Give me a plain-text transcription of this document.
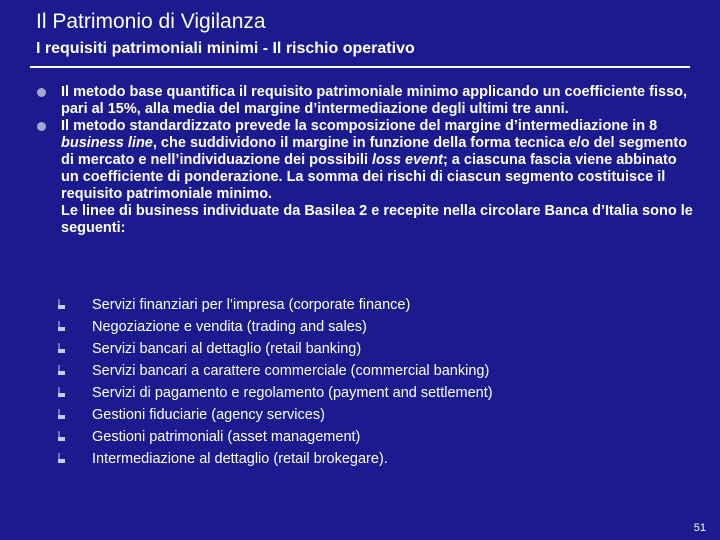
Il Patrimonio di Vigilanza
I requisiti patrimoniali minimi - Il rischio operativo
Il metodo base quantifica il requisito patrimoniale minimo applicando un coefficiente fisso, pari al 15%, alla media del margine d’intermediazione degli ultimi tre anni.
Il metodo standardizzato prevede la scomposizione del margine d’intermediazione in 8 business line, che suddividono il margine in funzione della forma tecnica e/o del segmento di mercato e nell’individuazione dei possibili loss event; a ciascuna fascia viene abbinato un coefficiente di ponderazione. La somma dei rischi di ciascun segmento costituisce il requisito patrimoniale minimo.
Le linee di business individuate da Basilea 2 e recepite nella circolare Banca d’Italia sono le seguenti:
Servizi finanziari per l’impresa (corporate finance)
Negoziazione e vendita (trading and sales)
Servizi bancari al dettaglio (retail banking)
Servizi bancari a carattere commerciale (commercial banking)
Servizi di pagamento e regolamento (payment and settlement)
Gestioni fiduciarie (agency services)
Gestioni patrimoniali (asset management)
Intermediazione al dettaglio (retail brokegare).
51
